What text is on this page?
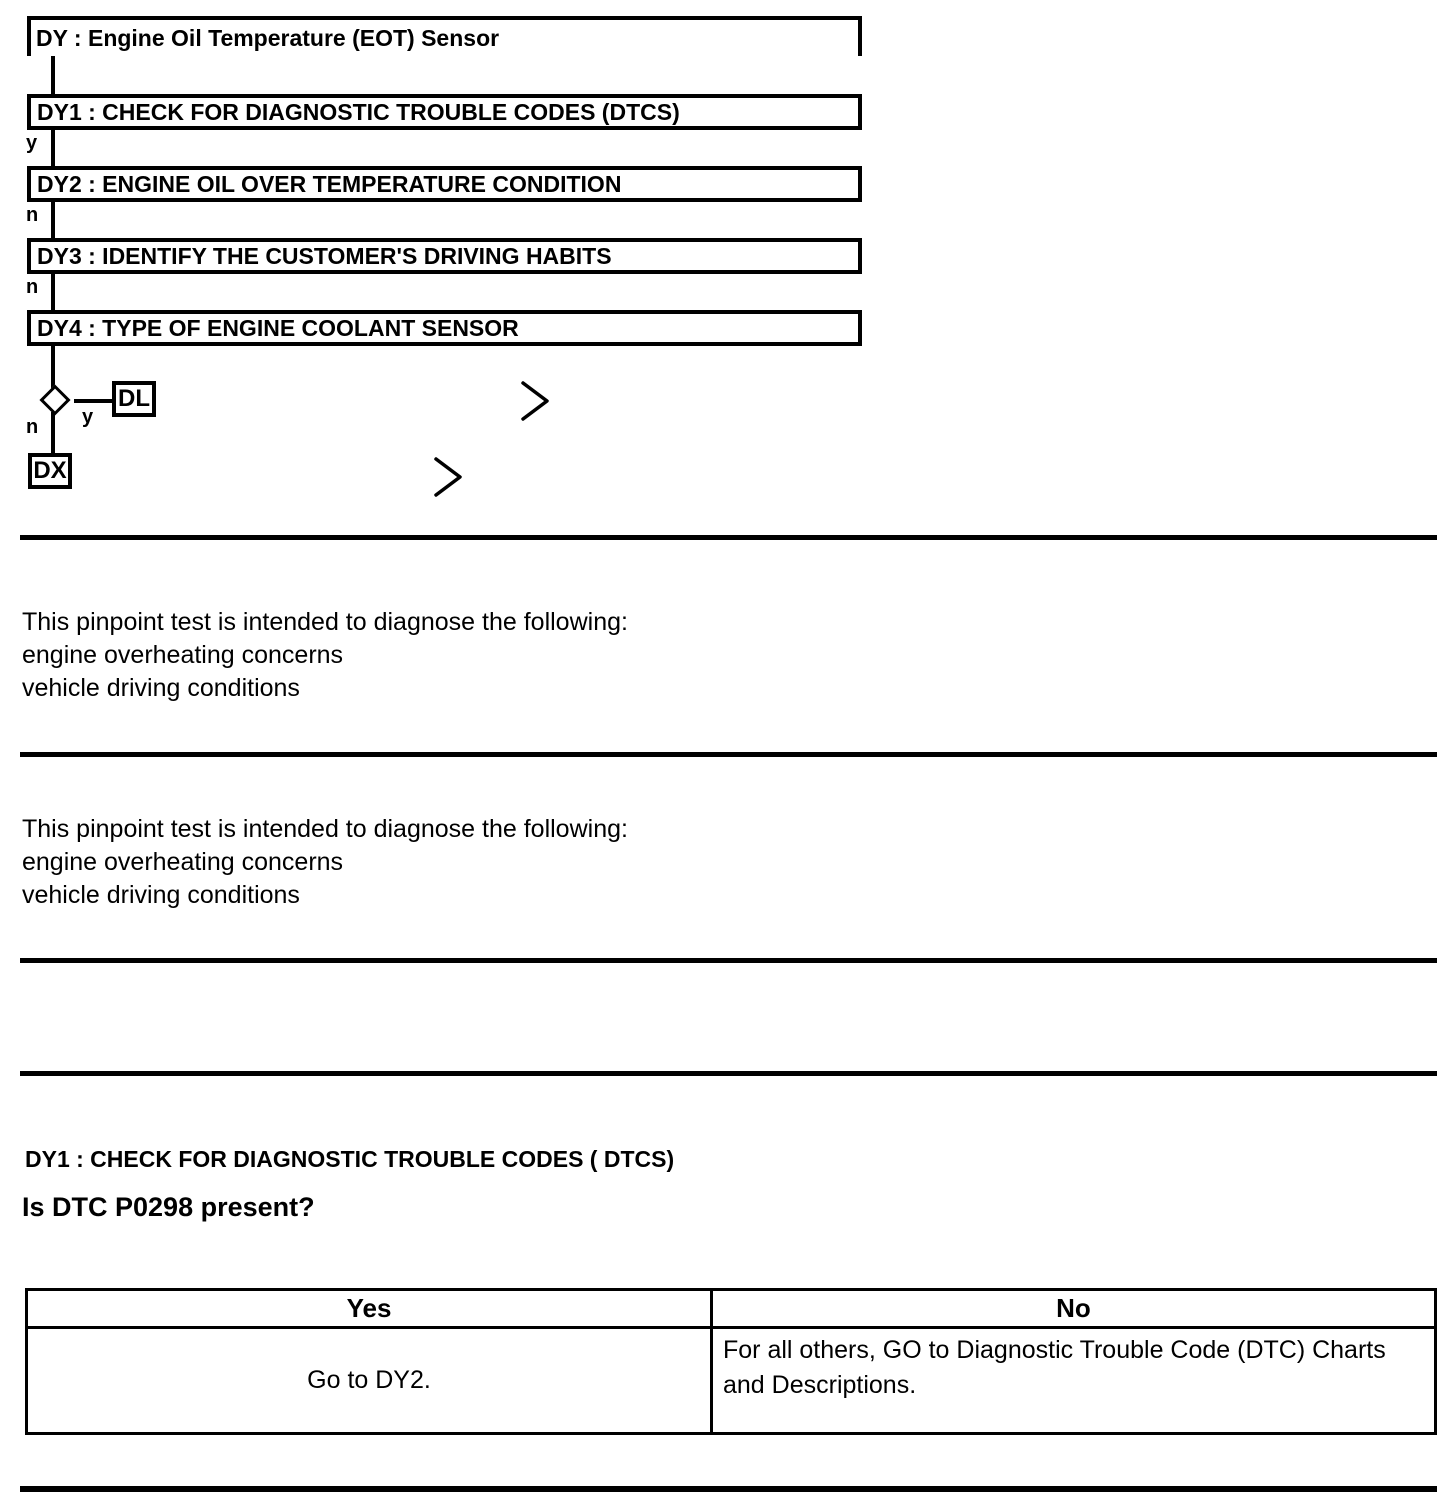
DY : Engine Oil Temperature (EOT) Sensor
DY1 : CHECK FOR DIAGNOSTIC TROUBLE CODES (DTCS)
y
DY2 : ENGINE OIL OVER TEMPERATURE CONDITION
n
DY3 : IDENTIFY THE CUSTOMER'S DRIVING HABITS
n
DY4 : TYPE OF ENGINE COOLANT SENSOR
y
n
DL
DX
This pinpoint test is intended to diagnose the following:
engine overheating concerns
vehicle driving conditions
This pinpoint test is intended to diagnose the following:
engine overheating concerns
vehicle driving conditions
DY1 : CHECK FOR DIAGNOSTIC TROUBLE CODES ( DTCS)
Is DTC P0298 present?
Yes	No
Go to DY2.	For all others, GO to Diagnostic Trouble Code (DTC) Charts and Descriptions.
